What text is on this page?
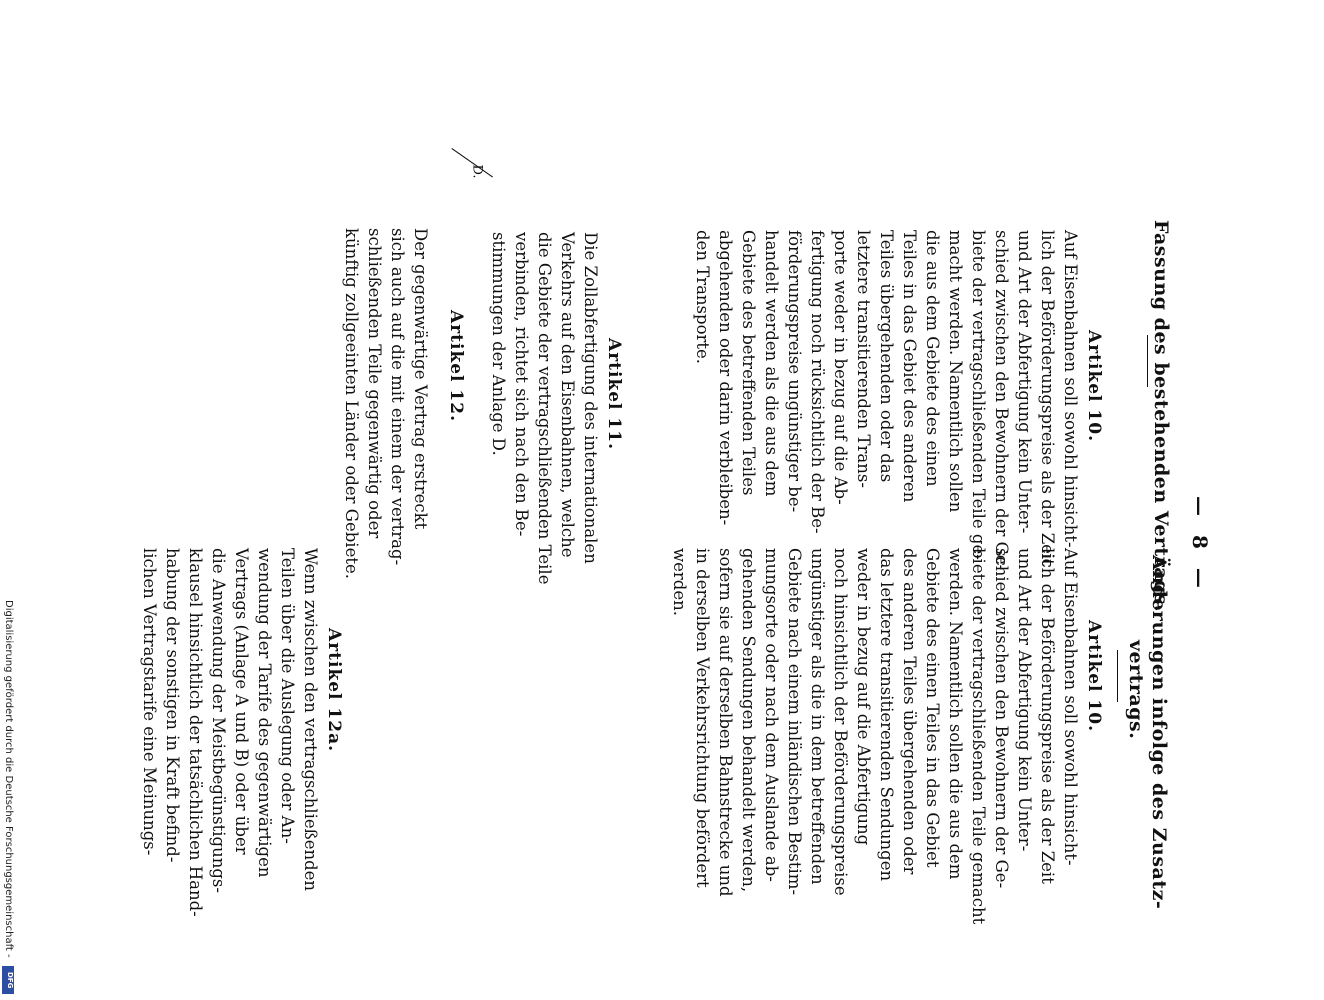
— 8 —
Fassung des bestehenden Vertrags.
Änderungen infolge des Zusatz-
vertrags.
Artikel 10.
Auf Eisenbahnen soll sowohl hinsicht-
lich der Beförderungspreise als der Zeit
und Art der Abfertigung kein Unter-
schied zwischen den Bewohnern der Ge-
biete der vertragschließenden Teile ge-
macht werden. Namentlich sollen
die aus dem Gebiete des einen
Teiles in das Gebiet des anderen
Teiles übergehenden oder das
letztere transitierenden Trans-
porte weder in bezug auf die Ab-
fertigung noch rücksichtlich der Be-
förderungspreise ungünstiger be-
handelt werden als die aus dem
Gebiete des betreffenden Teiles
abgehenden oder darin verbleiben-
den Transporte.
Artikel 11.
Die Zollabfertigung des internationalen
Verkehrs auf den Eisenbahnen, welche
die Gebiete der vertragschließenden Teile
verbinden, richtet sich nach den Be-
stimmungen der Anlage D.
D.
Artikel 12.
Der gegenwärtige Vertrag erstreckt
sich auch auf die mit einem der vertrag-
schließenden Teile gegenwärtig oder
künftig zollgeeinten Länder oder Gebiete.
Artikel 10.
Auf Eisenbahnen soll sowohl hinsicht-
lich der Beförderungspreise als der Zeit
und Art der Abfertigung kein Unter-
schied zwischen den Bewohnern der Ge-
biete der vertragschließenden Teile gemacht
werden. Namentlich sollen die aus dem
Gebiete des einen Teiles in das Gebiet
des anderen Teiles übergehenden oder
das letztere transitierenden Sendungen
weder in bezug auf die Abfertigung
noch hinsichtlich der Beförderungspreise
ungünstiger als die in dem betreffenden
Gebiete nach einem inländischen Bestim-
mungsorte oder nach dem Auslande ab-
gehenden Sendungen behandelt werden,
sofern sie auf derselben Bahnstrecke und
in derselben Verkehrsrichtung befördert
werden.
Artikel 12a.
Wenn zwischen den vertragschließenden
Teilen über die Auslegung oder An-
wendung der Tarife des gegenwärtigen
Vertrags (Anlage A und B) oder über
die Anwendung der Meistbegünstigungs-
klausel hinsichtlich der tatsächlichen Hand-
habung der sonstigen in Kraft befind-
lichen Vertragstarife eine Meinungs-
Digitalisierung gefördert durch die Deutsche Forschungsgemeinschaft -
DFG
